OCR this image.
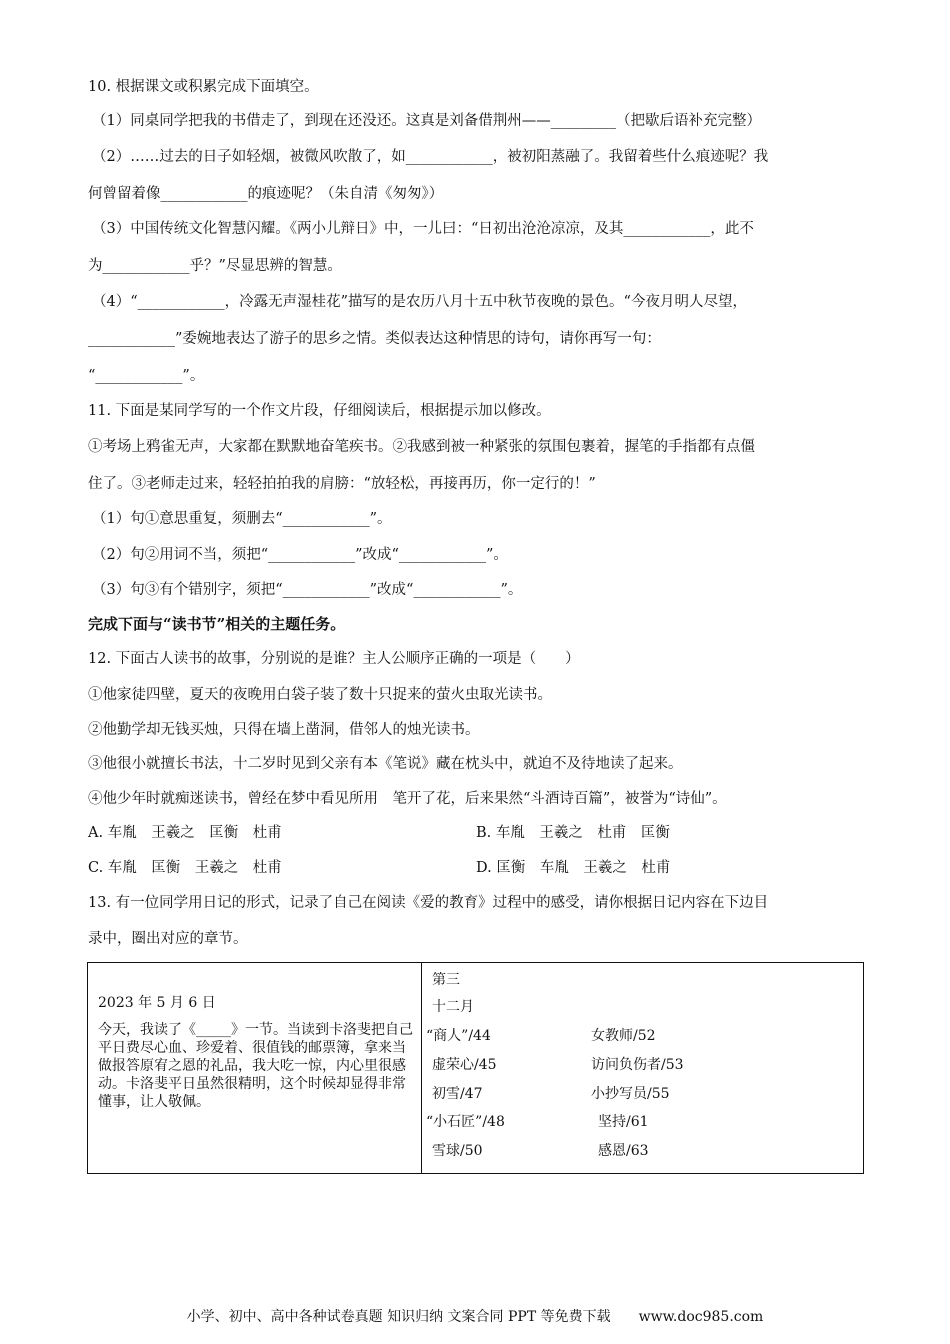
10. 根据课文或积累完成下面填空。
（1）同桌同学把我的书借走了，到现在还没还。这真是刘备借荆州——_________（把歇后语补充完整）
（2）……过去的日子如轻烟，被微风吹散了，如____________，被初阳蒸融了。我留着些什么痕迹呢？我
何曾留着像____________的痕迹呢？（朱自清《匆匆》）
（3）中国传统文化智慧闪耀。《两小儿辩日》中，一儿曰：“日初出沧沧凉凉，及其____________，此不
为____________乎？”尽显思辨的智慧。
（4）“____________，冷露无声湿桂花”描写的是农历八月十五中秋节夜晚的景色。“今夜月明人尽望，
____________”委婉地表达了游子的思乡之情。类似表达这种情思的诗句，请你再写一句：
“____________”。
11. 下面是某同学写的一个作文片段，仔细阅读后，根据提示加以修改。
①考场上鸦雀无声，大家都在默默地奋笔疾书。②我感到被一种紧张的氛围包裹着，握笔的手指都有点僵
住了。③老师走过来，轻轻拍拍我的肩膀：“放轻松，再接再历，你一定行的！”
（1）句①意思重复，须删去“____________”。
（2）句②用词不当，须把“____________”改成“____________”。
（3）句③有个错别字，须把“____________”改成“____________”。
完成下面与“读书节”相关的主题任务。
12. 下面古人读书的故事，分别说的是谁？主人公顺序正确的一项是（　　）
①他家徒四壁，夏天的夜晚用白袋子装了数十只捉来的萤火虫取光读书。
②他勤学却无钱买烛，只得在墙上凿洞，借邻人的烛光读书。
③他很小就擅长书法，十二岁时见到父亲有本《笔说》藏在枕头中，就迫不及待地读了起来。
④他少年时就痴迷读书，曾经在梦中看见所用　笔开了花，后来果然“斗酒诗百篇”，被誉为“诗仙”。
A. 车胤　王羲之　匡衡　杜甫	B. 车胤　王羲之　杜甫　匡衡
C. 车胤　匡衡　王羲之　杜甫	D. 匡衡　车胤　王羲之　杜甫
13. 有一位同学用日记的形式，记录了自己在阅读《爱的教育》过程中的感受，请你根据日记内容在下边目
录中，圈出对应的章节。
2023 年 5 月 6 日
今天，我读了《_____》一节。当读到卡洛斐把自己平日费尽心血、珍爱着、很值钱的邮票簿，拿来当做报答原宥之恩的礼品，我大吃一惊，内心里很感动。卡洛斐平日虽然很精明，这个时候却显得非常懂事，让人敬佩。
第三
十二月
“商人”/44
虚荣心/45
初雪/47
“小石匠”/48
雪球/50
女教师/52
访问负伤者/53
小抄写员/55
坚持/61
感恩/63
小学、初中、高中各种试卷真题 知识归纳 文案合同 PPT 等免费下载 www.doc985.com
